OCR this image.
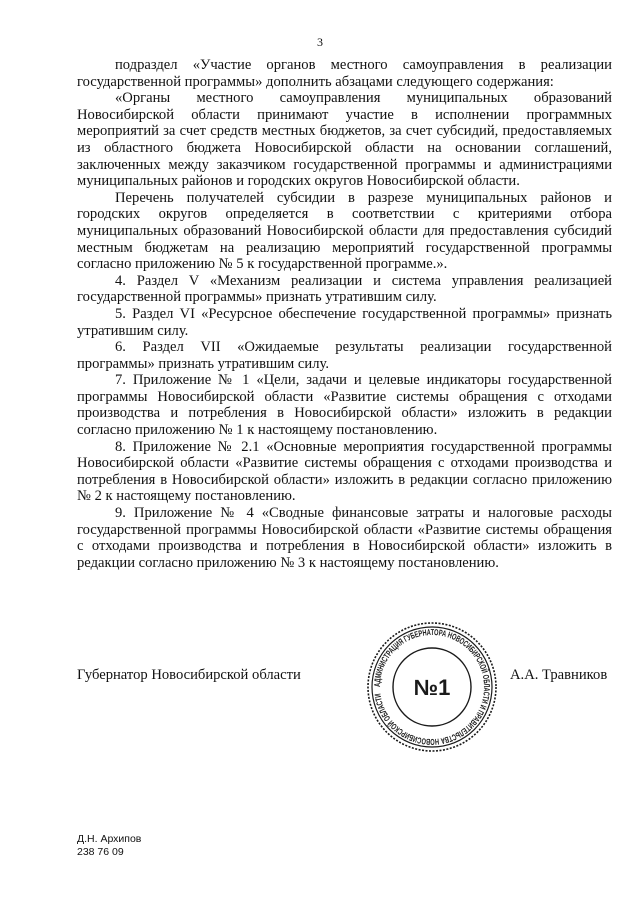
3

подраздел «Участие органов местного самоуправления в реализации государственной программы» дополнить абзацами следующего содержания:

«Органы местного самоуправления муниципальных образований Новосибирской области принимают участие в исполнении программных мероприятий за счет средств местных бюджетов, за счет субсидий, предоставляемых из областного бюджета Новосибирской области на основании соглашений, заключенных между заказчиком государственной программы и администрациями муниципальных районов и городских округов Новосибирской области.

Перечень получателей субсидии в разрезе муниципальных районов и городских округов определяется в соответствии с критериями отбора муниципальных образований Новосибирской области для предоставления субсидий местным бюджетам на реализацию мероприятий государственной программы согласно приложению № 5 к государственной программе.».

4. Раздел V «Механизм реализации и система управления реализацией государственной программы» признать утратившим силу.

5. Раздел VI «Ресурсное обеспечение государственной программы» признать утратившим силу.

6. Раздел VII «Ожидаемые результаты реализации государственной программы» признать утратившим силу.

7. Приложение № 1 «Цели, задачи и целевые индикаторы государственной программы Новосибирской области «Развитие системы обращения с отходами производства и потребления в Новосибирской области» изложить в редакции согласно приложению № 1 к настоящему постановлению.

8. Приложение № 2.1 «Основные мероприятия государственной программы Новосибирской области «Развитие системы обращения с отходами производства и потребления в Новосибирской области» изложить в редакции согласно приложению № 2 к настоящему постановлению.

9. Приложение № 4 «Сводные финансовые затраты и налоговые расходы государственной программы Новосибирской области «Развитие системы обращения с отходами производства и потребления в Новосибирской области» изложить в редакции согласно приложению № 3 к настоящему постановлению.

Губернатор Новосибирской области
АДМИНИСТРАЦИЯ ГУБЕРНАТОРА НОВОСИБИРСКОЙ ОБЛАСТИ И ПРАВИТЕЛЬСТВА НОВОСИБИРСКОЙ ОБЛАСТИ	№1	А.А. Травников
Д.Н. Архипов
238 76 09
